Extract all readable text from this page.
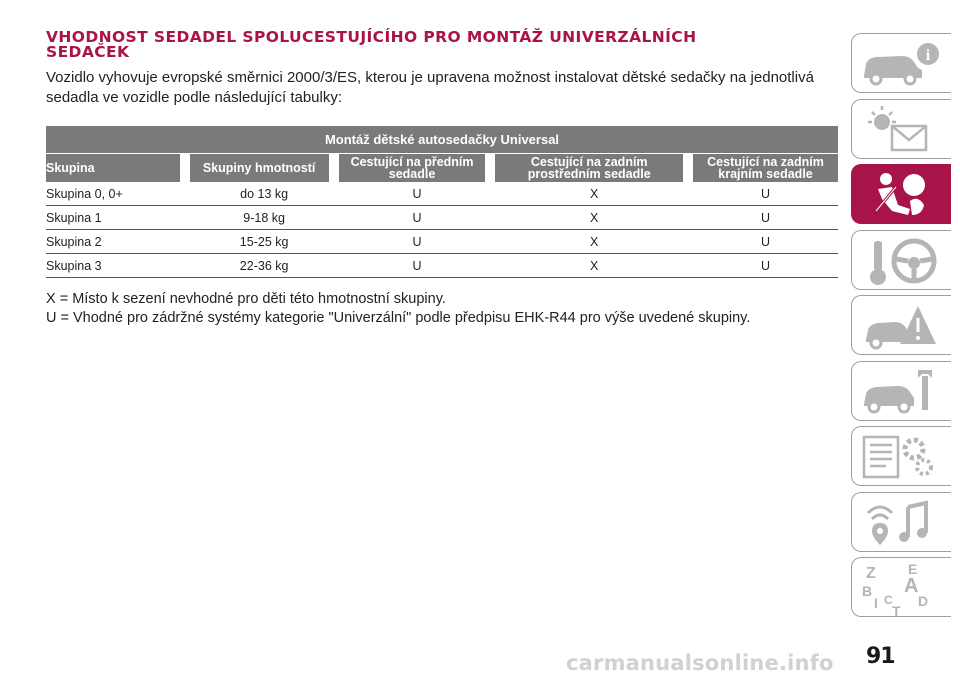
VHODNOST SEDADEL SPOLUCESTUJÍCÍHO PRO MONTÁŽ UNIVERZÁLNÍCH
SEDAČEK

Vozidlo vyhovuje evropské směrnici 2000/3/ES, kterou je upravena možnost instalovat dětské sedačky na jednotlivá sedadla ve vozidle podle následující tabulky:

Montáž dětské autosedačky Universal				
Skupina	Skupiny hmotností	Cestující na předním sedadle	Cestující na zadním prostředním sedadle	Cestující na zadním krajním sedadle
Skupina 0, 0+	do 13 kg	U	X	U
Skupina 1	9-18 kg	U	X	U
Skupina 2	15-25 kg	U	X	U
Skupina 3	22-36 kg	U	X	U

X = Místo k sezení nevhodné pro děti této hmotnostní skupiny.

U = Vhodné pro zádržné systémy kategorie "Univerzální" podle předpisu EHK-R44 pro výše uvedené skupiny.

i
Z E
B A
I C D
T
carmanualsonline.info 91
